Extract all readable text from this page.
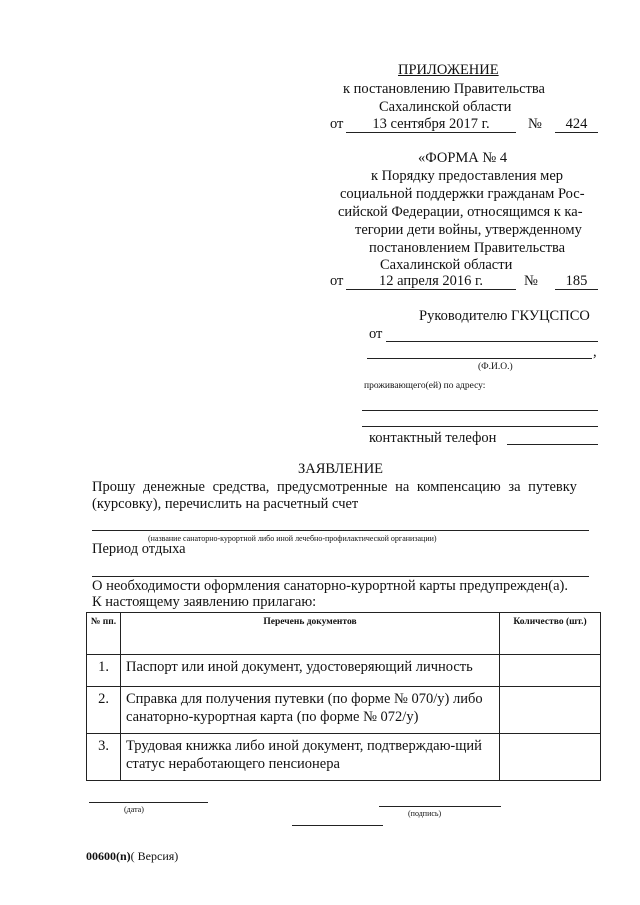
ПРИЛОЖЕНИЕ
к постановлению Правительства
Сахалинской области
от	13 сентября 2017 г.	№	424
«ФОРМА № 4
к Порядку предоставления мер
социальной поддержки гражданам Рос-
сийской Федерации, относящимся к ка-
тегории дети войны, утвержденному
постановлением Правительства
Сахалинской области
от	12 апреля 2016 г.	№	185
Руководителю ГКУЦСПСО
от
,
(Ф.И.О.)
проживающего(ей) по адресу:
контактный телефон
ЗАЯВЛЕНИЕ
Прошу денежные средства, предусмотренные на компенсацию за путевку
(курсовку), перечислить на расчетный счет
(название санаторно-курортной либо иной лечебно-профилактической организации)
Период отдыха
О необходимости оформления санаторно-курортной карты предупрежден(а).
К настоящему заявлению прилагаю:
№ пп.	Перечень документов	Количество (шт.)
1.	Паспорт или иной документ, удостоверяющий личность	
2.	Справка для получения путевки (по форме № 070/у) либо санаторно-курортная карта (по форме № 072/у)	
3.	Трудовая книжка либо иной документ, подтверждаю-щий статус неработающего пенсионера	
(дата)	(подпись)
00600(n)( Версия)
